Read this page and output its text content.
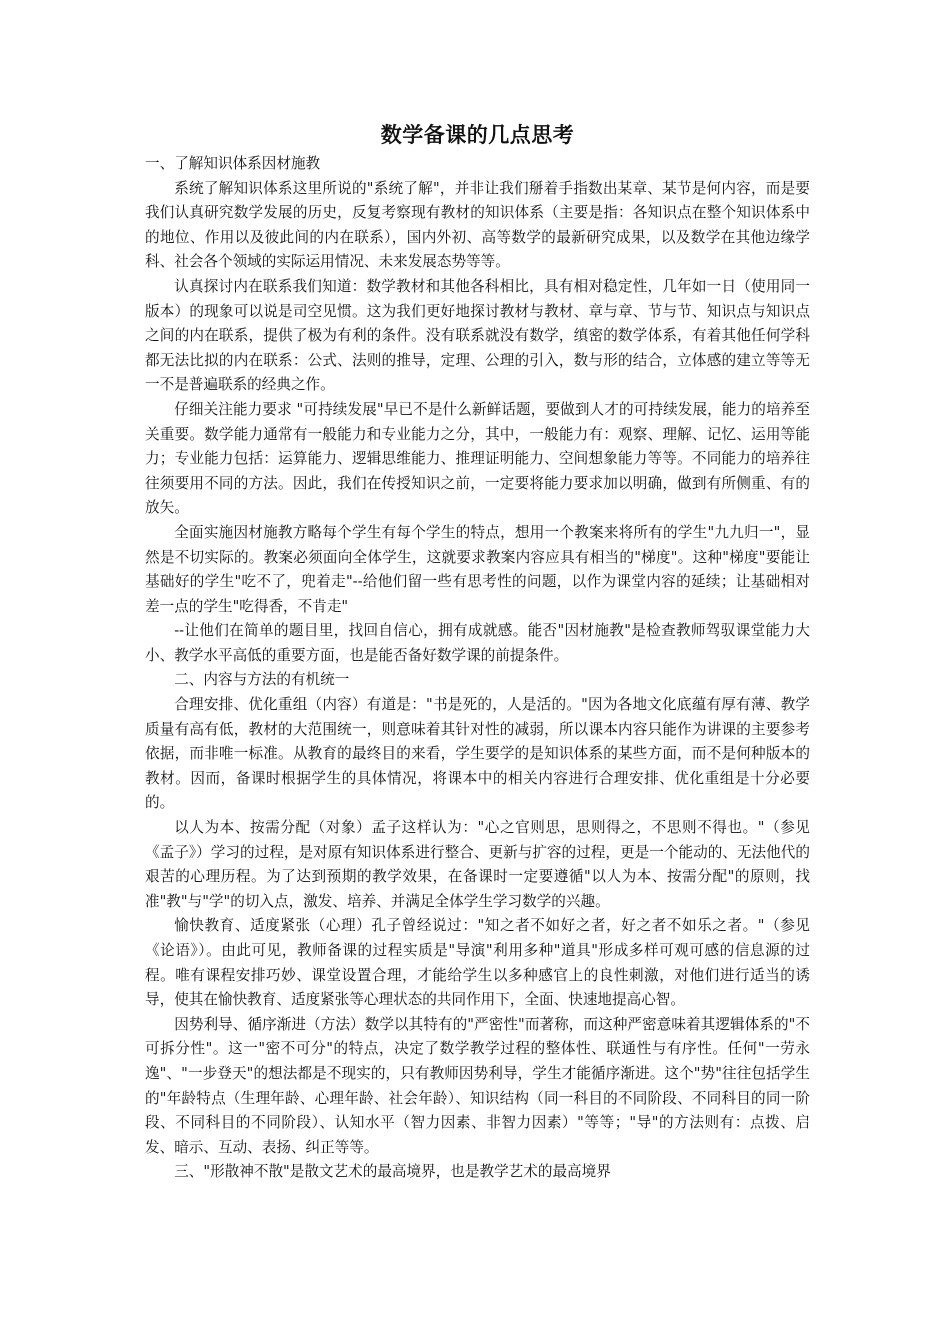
数学备课的几点思考

一、了解知识体系因材施教

系统了解知识体系这里所说的"系统了解"，并非让我们掰着手指数出某章、某节是何内容，而是要我们认真研究数学发展的历史，反复考察现有教材的知识体系（主要是指：各知识点在整个知识体系中的地位、作用以及彼此间的内在联系），国内外初、高等数学的最新研究成果，以及数学在其他边缘学科、社会各个领域的实际运用情况、未来发展态势等等。

认真探讨内在联系我们知道：数学教材和其他各科相比，具有相对稳定性，几年如一日（使用同一版本）的现象可以说是司空见惯。这为我们更好地探讨教材与教材、章与章、节与节、知识点与知识点之间的内在联系，提供了极为有利的条件。没有联系就没有数学，缜密的数学体系，有着其他任何学科都无法比拟的内在联系：公式、法则的推导，定理、公理的引入，数与形的结合，立体感的建立等等无一不是普遍联系的经典之作。

仔细关注能力要求 "可持续发展"早已不是什么新鲜话题，要做到人才的可持续发展，能力的培养至关重要。数学能力通常有一般能力和专业能力之分，其中，一般能力有：观察、理解、记忆、运用等能力；专业能力包括：运算能力、逻辑思维能力、推理证明能力、空间想象能力等等。不同能力的培养往往须要用不同的方法。因此，我们在传授知识之前，一定要将能力要求加以明确，做到有所侧重、有的放矢。

全面实施因材施教方略每个学生有每个学生的特点，想用一个教案来将所有的学生"九九归一"，显然是不切实际的。教案必须面向全体学生，这就要求教案内容应具有相当的"梯度"。这种"梯度"要能让基础好的学生"吃不了，兜着走"--给他们留一些有思考性的问题，以作为课堂内容的延续；让基础相对差一点的学生"吃得香，不肯走"

--让他们在简单的题目里，找回自信心，拥有成就感。能否"因材施教"是检查教师驾驭课堂能力大小、教学水平高低的重要方面，也是能否备好数学课的前提条件。

二、内容与方法的有机统一

合理安排、优化重组（内容）有道是："书是死的，人是活的。"因为各地文化底蕴有厚有薄、教学质量有高有低，教材的大范围统一，则意味着其针对性的减弱，所以课本内容只能作为讲课的主要参考依据，而非唯一标准。从教育的最终目的来看，学生要学的是知识体系的某些方面，而不是何种版本的教材。因而，备课时根据学生的具体情况，将课本中的相关内容进行合理安排、优化重组是十分必要的。

以人为本、按需分配（对象）孟子这样认为："心之官则思，思则得之，不思则不得也。"（参见《孟子》）学习的过程，是对原有知识体系进行整合、更新与扩容的过程，更是一个能动的、无法他代的艰苦的心理历程。为了达到预期的教学效果，在备课时一定要遵循"以人为本、按需分配"的原则，找准"教"与"学"的切入点，激发、培养、并满足全体学生学习数学的兴趣。

愉快教育、适度紧张（心理）孔子曾经说过："知之者不如好之者，好之者不如乐之者。"（参见《论语》）。由此可见，教师备课的过程实质是"导演"利用多种"道具"形成多样可观可感的信息源的过程。唯有课程安排巧妙、课堂设置合理，才能给学生以多种感官上的良性刺激，对他们进行适当的诱导，使其在愉快教育、适度紧张等心理状态的共同作用下，全面、快速地提高心智。

因势利导、循序渐进（方法）数学以其特有的"严密性"而著称，而这种严密意味着其逻辑体系的"不可拆分性"。这一"密不可分"的特点，决定了数学教学过程的整体性、联通性与有序性。任何"一劳永逸"、"一步登天"的想法都是不现实的，只有教师因势利导，学生才能循序渐进。这个"势"往往包括学生的"年龄特点（生理年龄、心理年龄、社会年龄）、知识结构（同一科目的不同阶段、不同科目的同一阶段、不同科目的不同阶段）、认知水平（智力因素、非智力因素）"等等；"导"的方法则有：点拨、启发、暗示、互动、表扬、纠正等等。

三、"形散神不散"是散文艺术的最高境界，也是教学艺术的最高境界
